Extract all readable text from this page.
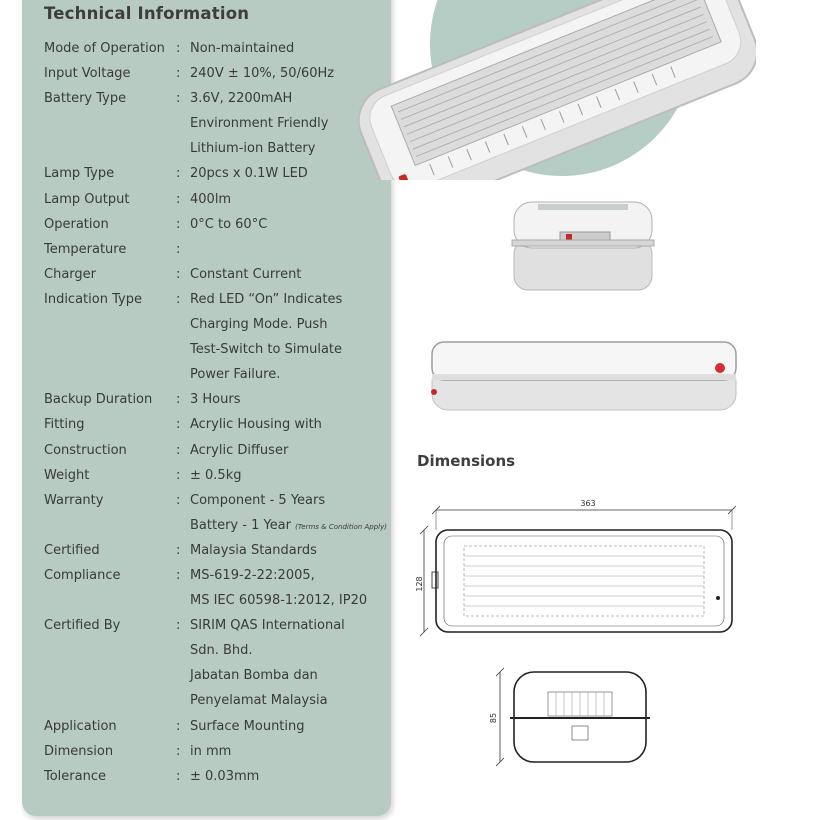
Technical Information
Mode of Operation : Non-maintained
Input Voltage	: 240V ± 10%, 50/60Hz
Battery Type	: 3.6V, 2200mAH
Environment Friendly
Lithium-ion Battery
Lamp Type	: 20pcs x 0.1W LED
Lamp Output	: 400lm
Operation	: 0°C to 60°C
Temperature	:
Charger	: Constant Current
Indication Type	: Red LED “On” Indicates
Charging Mode. Push
Test-Switch to Simulate
Power Failure.
Backup Duration	: 3 Hours
Fitting	: Acrylic Housing with
Construction	: Acrylic Diffuser
Weight	: ± 0.5kg
Warranty	: Component - 5 Years
Battery - 1 Year (Terms & Condition Apply)
Certified	: Malaysia Standards
Compliance	: MS-619-2-22:2005,
MS IEC 60598-1:2012, IP20
Certified By	: SIRIM QAS International
Sdn. Bhd.
Jabatan Bomba dan
Penyelamat Malaysia
Application	: Surface Mounting
Dimension	: in mm
Tolerance	: ± 0.03mm
Dimensions
363
128
85
